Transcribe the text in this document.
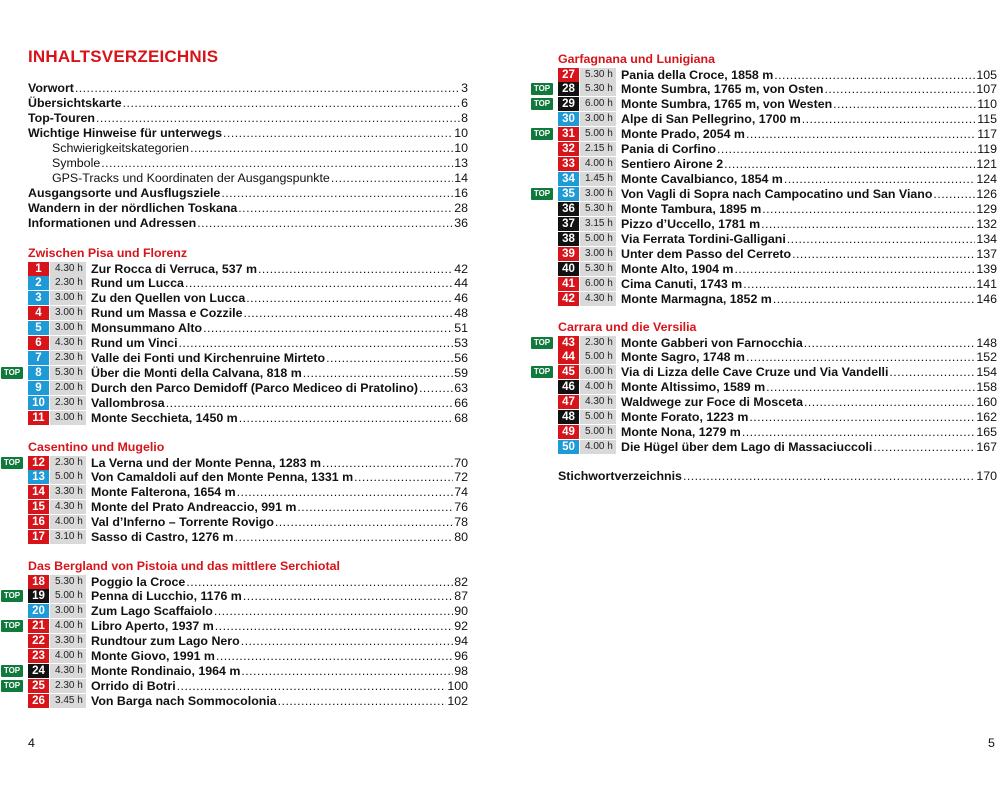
INHALTSVERZEICHNIS
Vorwort . . .	3
Übersichtskarte . . .	6
Top-Touren . . .	8
Wichtige Hinweise für unterwegs . . .	10
Schwierigkeitskategorien . . .	10
Symbole . . .	13
GPS-Tracks und Koordinaten der Ausgangspunkte . . .	14
Ausgangsorte und Ausflugsziele . . .	16
Wandern in der nördlichen Toskana . . .	28
Informationen und Adressen . . .	36
Zwischen Pisa und Florenz
1	4.30 h Zur Rocca di Verruca, 537 m . . .	42
2	2.30 h Rund um Lucca . . .	44
3	3.00 h Zu den Quellen von Lucca . . .	46
4	3.00 h Rund um Massa e Cozzile . . .	48
5	3.00 h Monsummano Alto . . .	51
6	4.30 h Rund um Vinci . . .	53
7	2.30 h Valle dei Fonti und Kirchenruine Mirteto . . .	56
TOP	8	5.30 h Über die Monti della Calvana, 818 m . . .	59
9	2.00 h Durch den Parco Demidoff (Parco Mediceo di Pratolino) . . .	63
10	2.30 h Vallombrosa . . .	66
11	3.00 h Monte Secchieta, 1450 m . . .	68
Casentino und Mugelio
TOP	12	2.30 h La Verna und der Monte Penna, 1283 m . . .	70
13	5.00 h Von Camaldoli auf den Monte Penna, 1331 m . . .	72
14	3.30 h Monte Falterona, 1654 m . . .	74
15	4.30 h Monte del Prato Andreaccio, 991 m . . .	76
16	4.00 h Val d’Inferno – Torrente Rovigo . . .	78
17	3.10 h Sasso di Castro, 1276 m . . .	80
Das Bergland von Pistoia und das mittlere Serchiotal
18	5.30 h Poggio la Croce . . .	82
TOP	19	5.00 h Penna di Lucchio, 1176 m . . .	87
20	3.00 h Zum Lago Scaffaiolo . . .	90
TOP	21	4.00 h Libro Aperto, 1937 m . . .	92
22	3.30 h Rundtour zum Lago Nero . . .	94
23	4.00 h Monte Giovo, 1991 m . . .	96
TOP	24	4.30 h Monte Rondinaio, 1964 m . . .	98
TOP	25	2.30 h Orrido di Botri . . .	100
26	3.45 h Von Barga nach Sommocolonia . . .	102
Garfagnana und Lunigiana
27	5.30 h Pania della Croce, 1858 m . . .	105
TOP	28	5.30 h Monte Sumbra, 1765 m, von Osten . . .	107
TOP	29	6.00 h Monte Sumbra, 1765 m, von Westen . . .	110
30	3.00 h Alpe di San Pellegrino, 1700 m . . .	115
TOP	31	5.00 h Monte Prado, 2054 m . . .	117
32	2.15 h Pania di Corfino . . .	119
33	4.00 h Sentiero Airone 2 . . .	121
34	1.45 h Monte Cavalbianco, 1854 m . . .	124
TOP	35	3.00 h Von Vagli di Sopra nach Campocatino und San Viano . . .	126
36	5.30 h Monte Tambura, 1895 m . . .	129
37	3.15 h Pizzo d’Uccello, 1781 m . . .	132
38	5.00 h Via Ferrata Tordini-Galligani . . .	134
39	3.00 h Unter dem Passo del Cerreto . . .	137
40	5.30 h Monte Alto, 1904 m . . .	139
41	6.00 h Cima Canuti, 1743 m . . .	141
42	4.30 h Monte Marmagna, 1852 m . . .	146
Carrara und die Versilia
TOP	43	2.30 h Monte Gabberi von Farnocchia . . .	148
44	5.00 h Monte Sagro, 1748 m . . .	152
TOP	45	6.00 h Via di Lizza delle Cave Cruze und Via Vandelli . . .	154
46	4.00 h Monte Altissimo, 1589 m . . .	158
47	4.30 h Waldwege zur Foce di Mosceta . . .	160
48	5.00 h Monte Forato, 1223 m . . .	162
49	5.00 h Monte Nona, 1279 m . . .	165
50	4.00 h Die Hügel über dem Lago di Massaciuccoli . . .	167
Stichwortverzeichnis . . .	170
4	5
